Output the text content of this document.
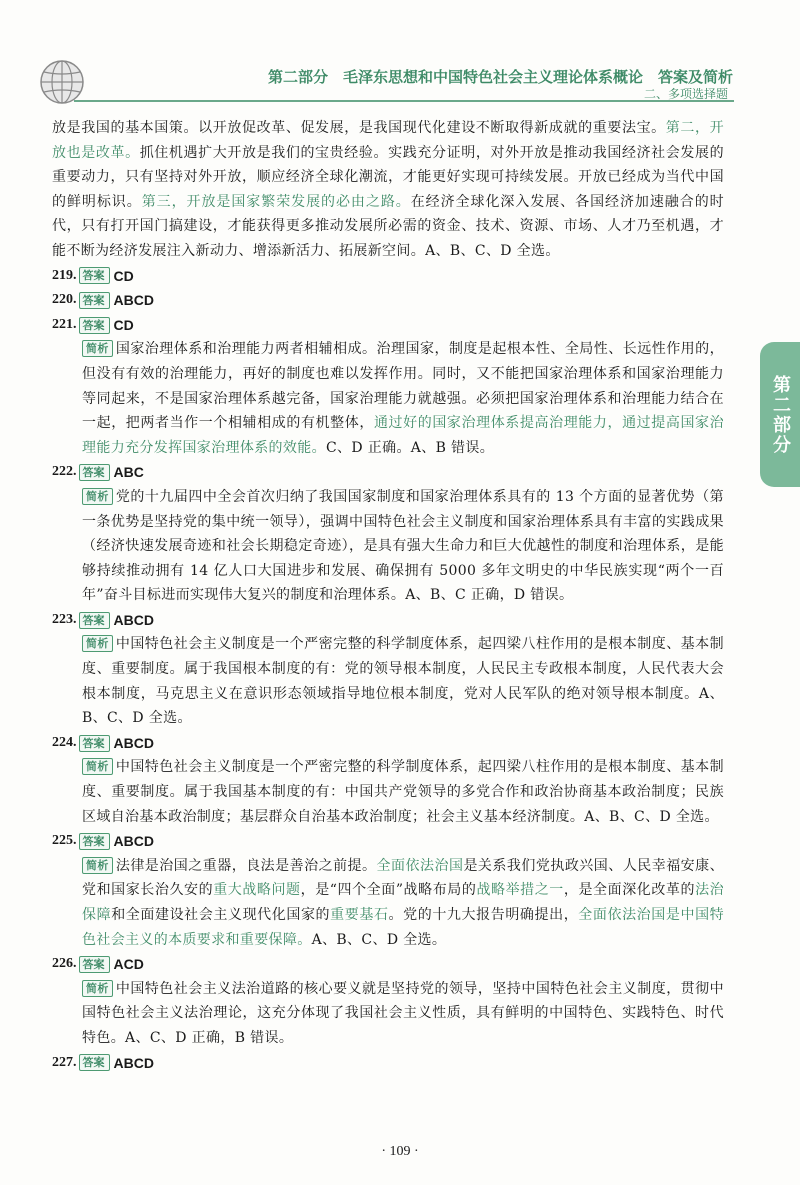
第二部分　毛泽东思想和中国特色社会主义理论体系概论　答案及简析
二、多项选择题
第二部分

放是我国的基本国策。以开放促改革、促发展，是我国现代化建设不断取得新成就的重要法宝。第二，开放也是改革。抓住机遇扩大开放是我们的宝贵经验。实践充分证明，对外开放是推动我国经济社会发展的重要动力，只有坚持对外开放，顺应经济全球化潮流，才能更好实现可持续发展。开放已经成为当代中国的鲜明标识。第三，开放是国家繁荣发展的必由之路。在经济全球化深入发展、各国经济加速融合的时代，只有打开国门搞建设，才能获得更多推动发展所必需的资金、技术、资源、市场、人才乃至机遇，才能不断为经济发展注入新动力、增添新活力、拓展新空间。A、B、C、D 全选。

219. 答案 CD
220. 答案 ABCD
221. 答案 CD

简析 国家治理体系和治理能力两者相辅相成。治理国家，制度是起根本性、全局性、长远性作用的，但没有有效的治理能力，再好的制度也难以发挥作用。同时，又不能把国家治理体系和国家治理能力等同起来，不是国家治理体系越完备，国家治理能力就越强。必须把国家治理体系和治理能力结合在一起，把两者当作一个相辅相成的有机整体，通过好的国家治理体系提高治理能力，通过提高国家治理能力充分发挥国家治理体系的效能。C、D 正确。A、B 错误。

222. 答案 ABC

简析 党的十九届四中全会首次归纳了我国国家制度和国家治理体系具有的 13 个方面的显著优势（第一条优势是坚持党的集中统一领导），强调中国特色社会主义制度和国家治理体系具有丰富的实践成果（经济快速发展奇迹和社会长期稳定奇迹），是具有强大生命力和巨大优越性的制度和治理体系，是能够持续推动拥有 14 亿人口大国进步和发展、确保拥有 5000 多年文明史的中华民族实现“两个一百年”奋斗目标进而实现伟大复兴的制度和治理体系。A、B、C 正确，D 错误。

223. 答案 ABCD

简析 中国特色社会主义制度是一个严密完整的科学制度体系，起四梁八柱作用的是根本制度、基本制度、重要制度。属于我国根本制度的有：党的领导根本制度，人民民主专政根本制度，人民代表大会根本制度，马克思主义在意识形态领域指导地位根本制度，党对人民军队的绝对领导根本制度。A、B、C、D 全选。

224. 答案 ABCD

简析 中国特色社会主义制度是一个严密完整的科学制度体系，起四梁八柱作用的是根本制度、基本制度、重要制度。属于我国基本制度的有：中国共产党领导的多党合作和政治协商基本政治制度；民族区域自治基本政治制度；基层群众自治基本政治制度；社会主义基本经济制度。A、B、C、D 全选。

225. 答案 ABCD

简析 法律是治国之重器，良法是善治之前提。全面依法治国是关系我们党执政兴国、人民幸福安康、党和国家长治久安的重大战略问题，是“四个全面”战略布局的战略举措之一，是全面深化改革的法治保障和全面建设社会主义现代化国家的重要基石。党的十九大报告明确提出，全面依法治国是中国特色社会主义的本质要求和重要保障。A、B、C、D 全选。

226. 答案 ACD

简析 中国特色社会主义法治道路的核心要义就是坚持党的领导，坚持中国特色社会主义制度，贯彻中国特色社会主义法治理论，这充分体现了我国社会主义性质，具有鲜明的中国特色、实践特色、时代特色。A、C、D 正确，B 错误。

227. 答案 ABCD
· 109 ·
